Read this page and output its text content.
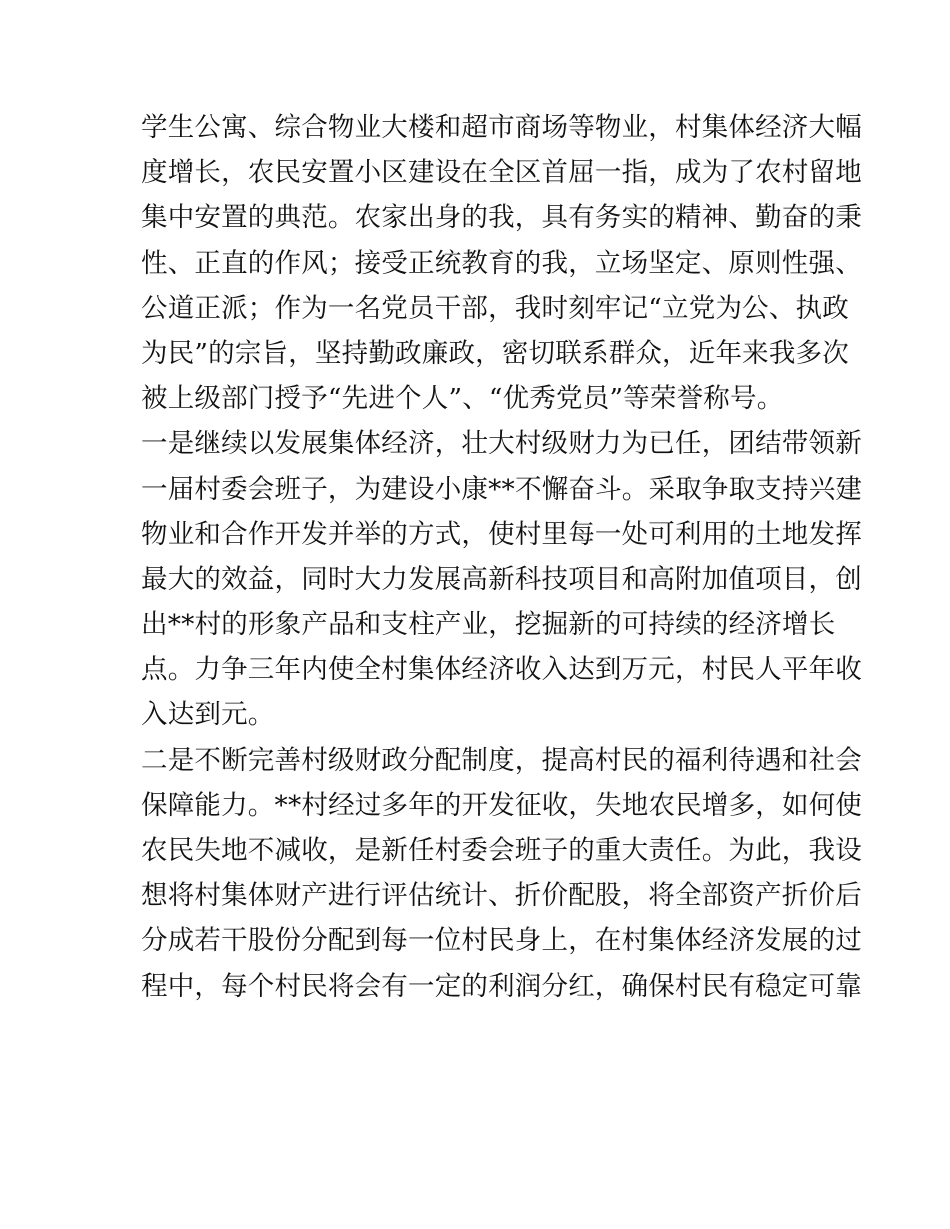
学生公寓、综合物业大楼和超市商场等物业，村集体经济大幅
度增长，农民安置小区建设在全区首屈一指，成为了农村留地
集中安置的典范。农家出身的我，具有务实的精神、勤奋的秉
性、正直的作风；接受正统教育的我，立场坚定、原则性强、
公道正派；作为一名党员干部，我时刻牢记“立党为公、执政
为民”的宗旨，坚持勤政廉政，密切联系群众，近年来我多次
被上级部门授予“先进个人”、“优秀党员”等荣誉称号。
一是继续以发展集体经济，壮大村级财力为已任，团结带领新
一届村委会班子，为建设小康**不懈奋斗。采取争取支持兴建
物业和合作开发并举的方式，使村里每一处可利用的土地发挥
最大的效益，同时大力发展高新科技项目和高附加值项目，创
出**村的形象产品和支柱产业，挖掘新的可持续的经济增长
点。力争三年内使全村集体经济收入达到万元，村民人平年收
入达到元。
二是不断完善村级财政分配制度，提高村民的福利待遇和社会
保障能力。**村经过多年的开发征收，失地农民增多，如何使
农民失地不减收，是新任村委会班子的重大责任。为此，我设
想将村集体财产进行评估统计、折价配股，将全部资产折价后
分成若干股份分配到每一位村民身上，在村集体经济发展的过
程中，每个村民将会有一定的利润分红，确保村民有稳定可靠
